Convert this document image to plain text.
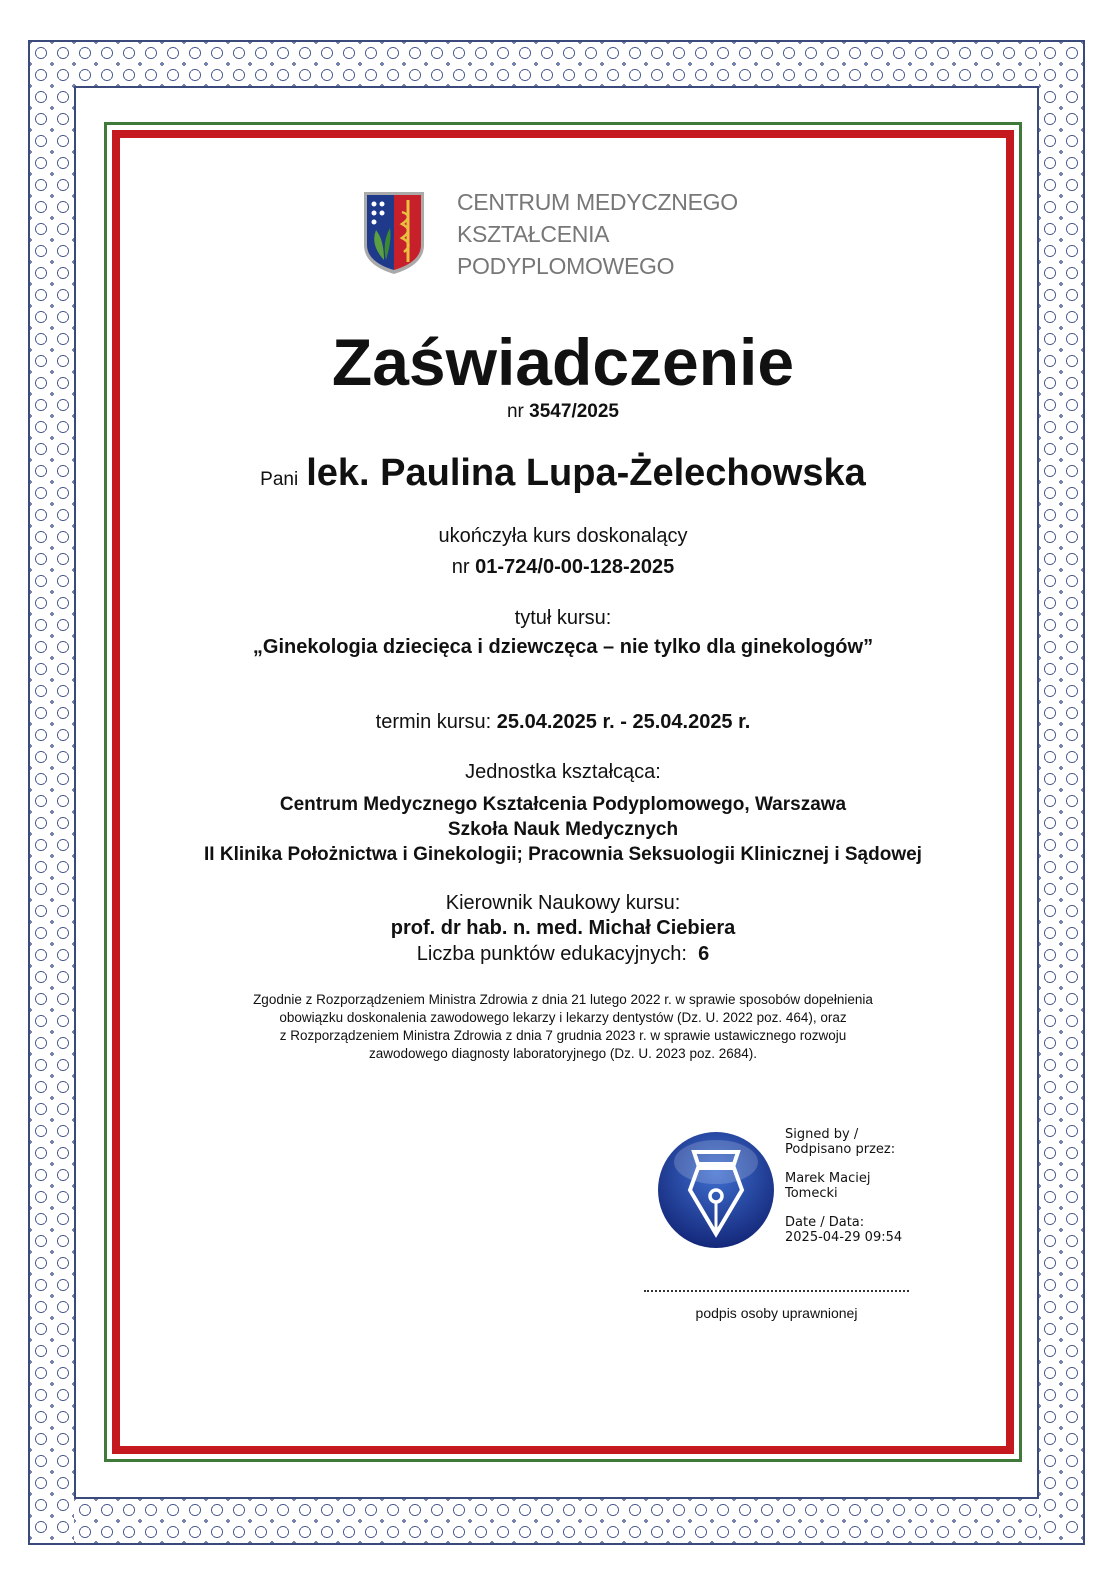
CENTRUM MEDYCZNEGO
KSZTAŁCENIA
PODYPLOMOWEGO
Zaświadczenie
nr 3547/2025
Pani lek. Paulina Lupa-Żelechowska
ukończyła kurs doskonalący
nr 01-724/0-00-128-2025
tytuł kursu:
„Ginekologia dziecięca i dziewczęca – nie tylko dla ginekologów”
termin kursu: 25.04.2025 r. - 25.04.2025 r.
Jednostka kształcąca:
Centrum Medycznego Kształcenia Podyplomowego, Warszawa
Szkoła Nauk Medycznych
II Klinika Położnictwa i Ginekologii; Pracownia Seksuologii Klinicznej i Sądowej
Kierownik Naukowy kursu:
prof. dr hab. n. med. Michał Ciebiera
Liczba punktów edukacyjnych: 6
Zgodnie z Rozporządzeniem Ministra Zdrowia z dnia 21 lutego 2022 r. w sprawie sposobów dopełnienia
obowiązku doskonalenia zawodowego lekarzy i lekarzy dentystów (Dz. U. 2022 poz. 464), oraz
z Rozporządzeniem Ministra Zdrowia z dnia 7 grudnia 2023 r. w sprawie ustawicznego rozwoju
zawodowego diagnosty laboratoryjnego (Dz. U. 2023 poz. 2684).

Signed by /
Podpisano przez:

Marek Maciej
Tomecki

Date / Data:
2025-04-29 09:54

podpis osoby uprawnionej
